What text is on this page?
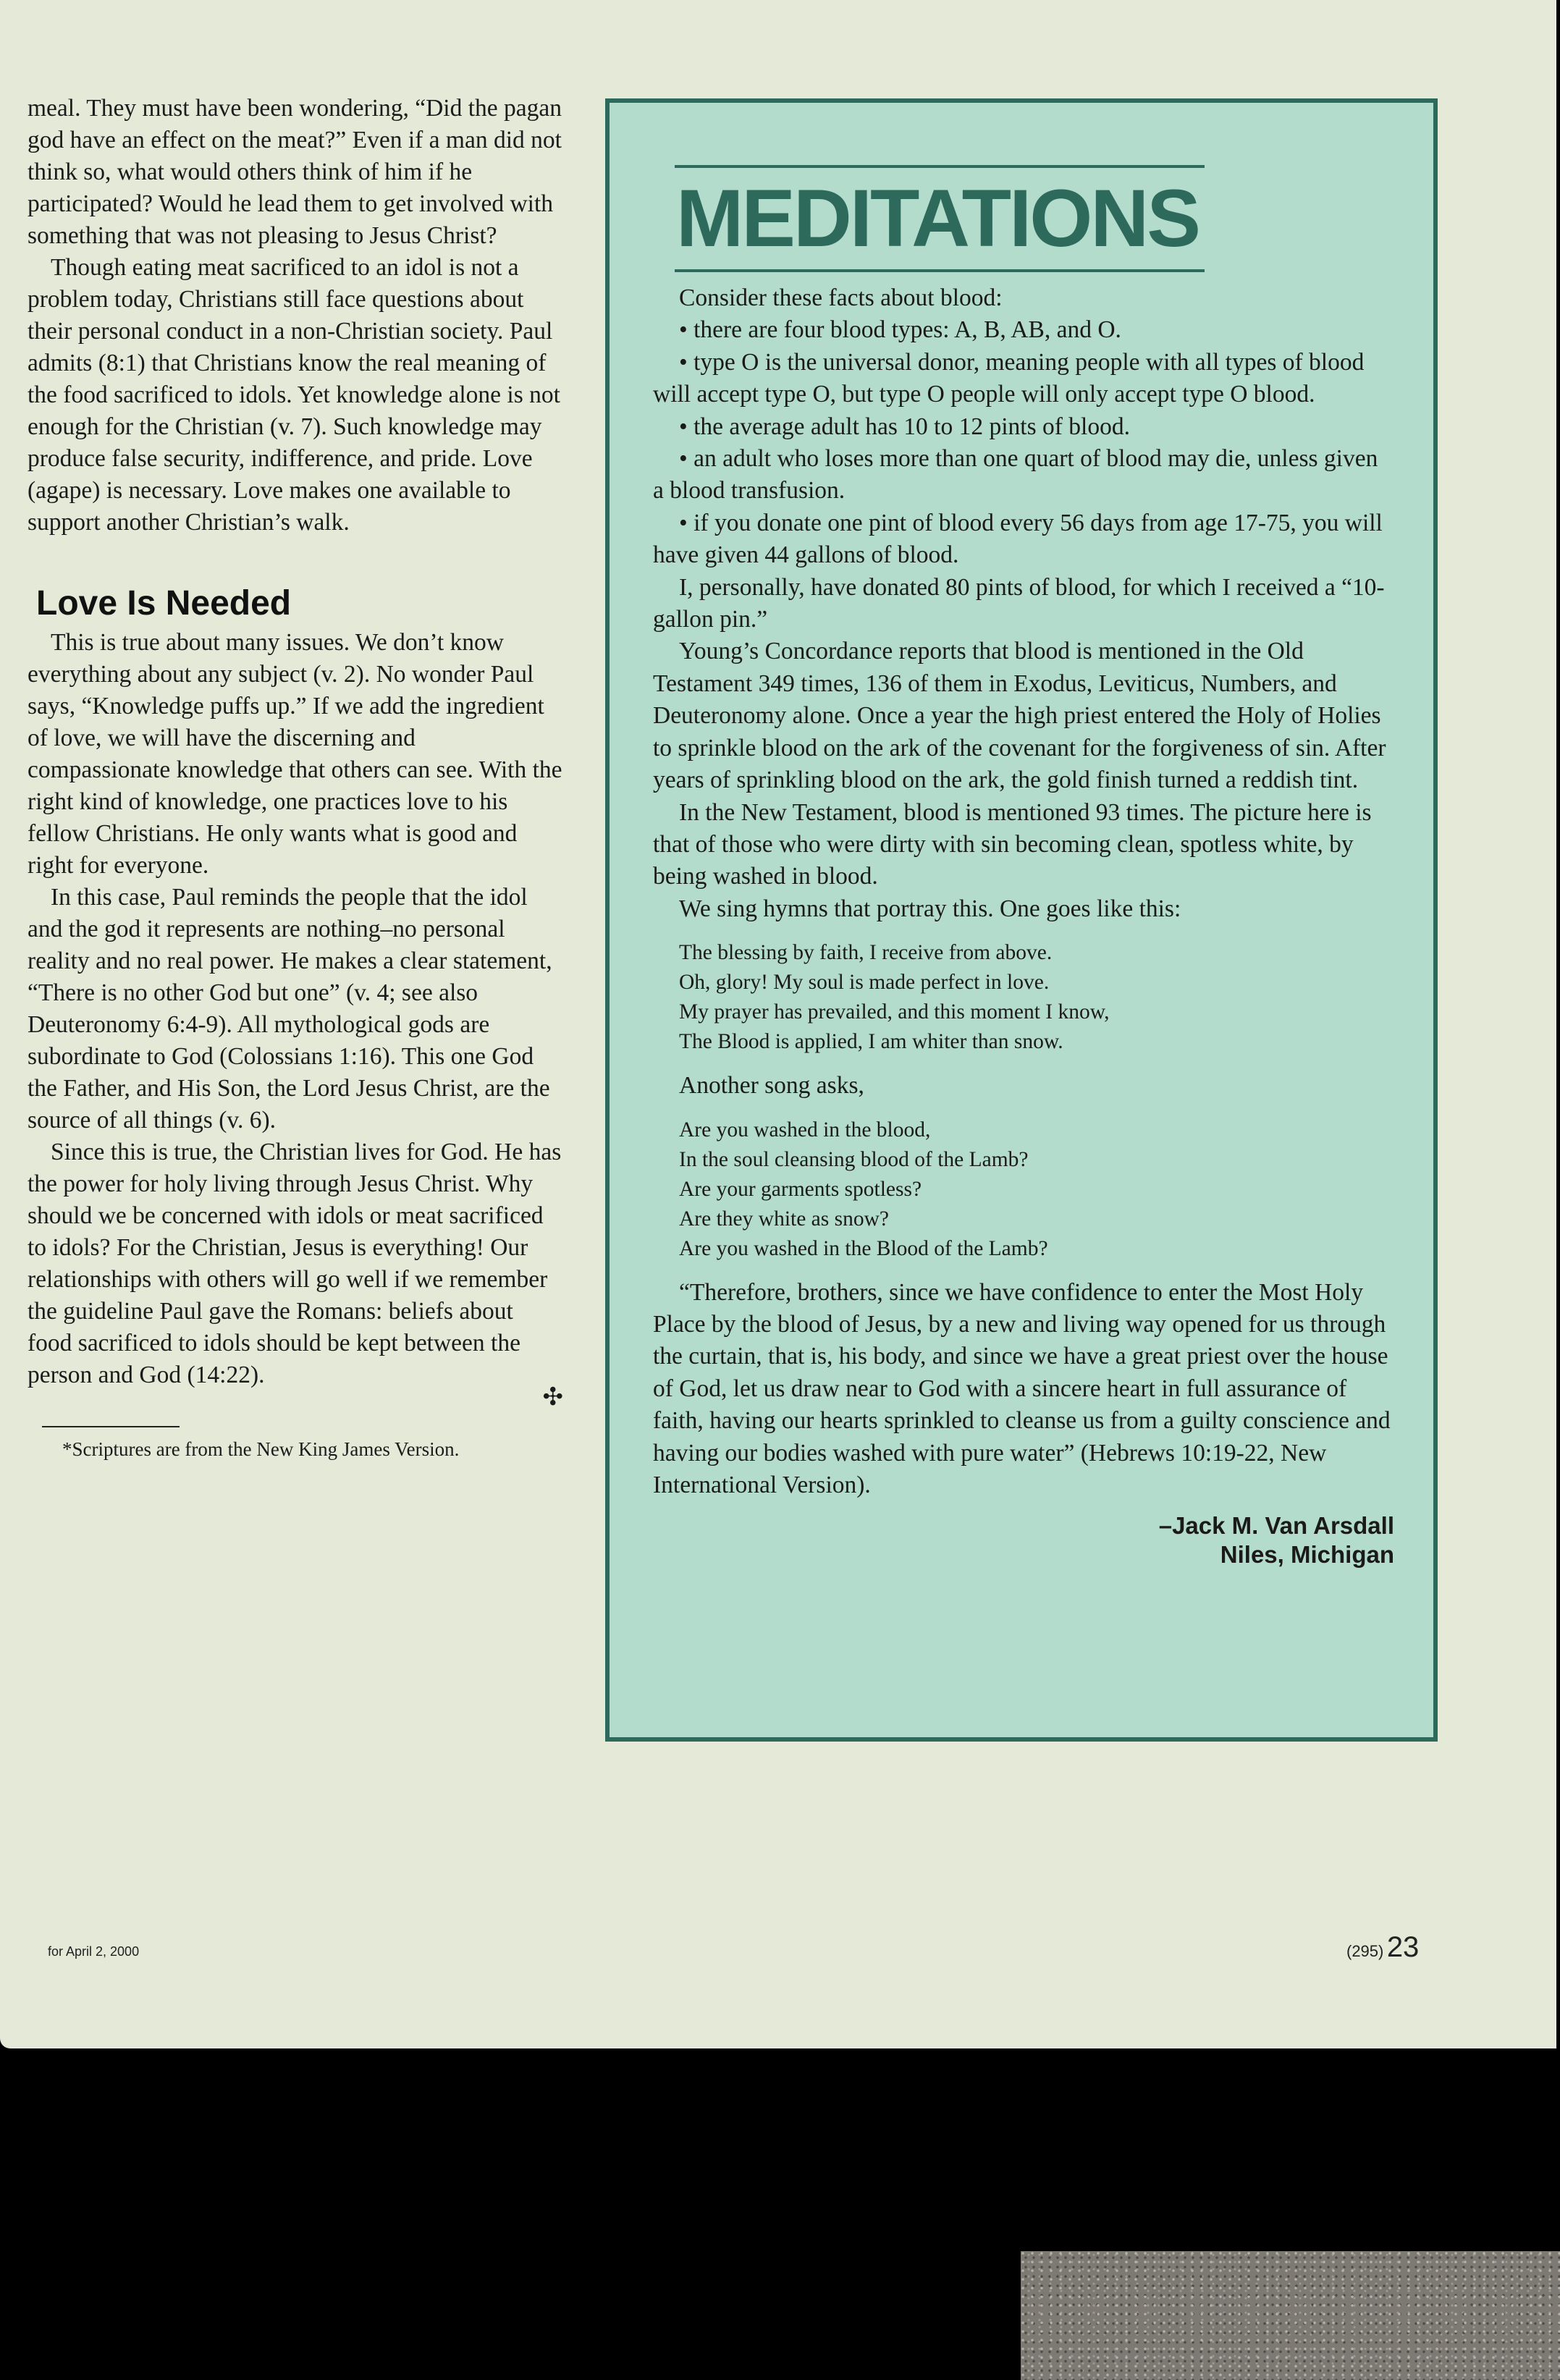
meal. They must have been wondering, “Did the pagan god have an effect on the meat?” Even if a man did not think so, what would others think of him if he participated? Would he lead them to get involved with something that was not pleasing to Jesus Christ?

Though eating meat sacrificed to an idol is not a problem today, Christians still face questions about their personal conduct in a non-Christian society. Paul admits (8:1) that Christians know the real meaning of the food sacrificed to idols. Yet knowledge alone is not enough for the Christian (v. 7). Such knowledge may produce false security, indifference, and pride. Love (agape) is necessary. Love makes one available to support another Christian’s walk.

Love Is Needed

This is true about many issues. We don’t know everything about any subject (v. 2). No wonder Paul says, “Knowledge puffs up.” If we add the ingredient of love, we will have the discerning and compassionate knowledge that others can see. With the right kind of knowledge, one practices love to his fellow Christians. He only wants what is good and right for everyone.

In this case, Paul reminds the people that the idol and the god it represents are nothing–no personal reality and no real power. He makes a clear statement, “There is no other God but one” (v. 4; see also Deuteronomy 6:4-9). All mythological gods are subordinate to God (Colossians 1:16). This one God the Father, and His Son, the Lord Jesus Christ, are the source of all things (v. 6).

Since this is true, the Christian lives for God. He has the power for holy living through Jesus Christ. Why should we be concerned with idols or meat sacrificed to idols? For the Christian, Jesus is everything! Our relationships with others will go well if we remember the guideline Paul gave the Romans: beliefs about food sacrificed to idols should be kept between the person and God (14:22).

✣
*Scriptures are from the New King James Version.
MEDITATIONS

Consider these facts about blood:

• there are four blood types: A, B, AB, and O.

• type O is the universal donor, meaning people with all types of blood will accept type O, but type O people will only accept type O blood.

• the average adult has 10 to 12 pints of blood.

• an adult who loses more than one quart of blood may die, unless given a blood transfusion.

• if you donate one pint of blood every 56 days from age 17-75, you will have given 44 gallons of blood.

I, personally, have donated 80 pints of blood, for which I received a “10-gallon pin.”

Young’s Concordance reports that blood is mentioned in the Old Testament 349 times, 136 of them in Exodus, Leviticus, Numbers, and Deuteronomy alone. Once a year the high priest entered the Holy of Holies to sprinkle blood on the ark of the covenant for the forgiveness of sin. After years of sprinkling blood on the ark, the gold finish turned a reddish tint.

In the New Testament, blood is mentioned 93 times. The picture here is that of those who were dirty with sin becoming clean, spotless white, by being washed in blood.

We sing hymns that portray this. One goes like this:

The blessing by faith, I receive from above.
Oh, glory! My soul is made perfect in love.
My prayer has prevailed, and this moment I know,
The Blood is applied, I am whiter than snow.

Another song asks,

Are you washed in the blood,
In the soul cleansing blood of the Lamb?
Are your garments spotless?
Are they white as snow?
Are you washed in the Blood of the Lamb?

“Therefore, brothers, since we have confidence to enter the Most Holy Place by the blood of Jesus, by a new and living way opened for us through the curtain, that is, his body, and since we have a great priest over the house of God, let us draw near to God with a sincere heart in full assurance of faith, having our hearts sprinkled to cleanse us from a guilty conscience and having our bodies washed with pure water” (Hebrews 10:19-22, New International Version).

–Jack M. Van Arsdall
Niles, Michigan
for April 2, 2000	(295) 23
